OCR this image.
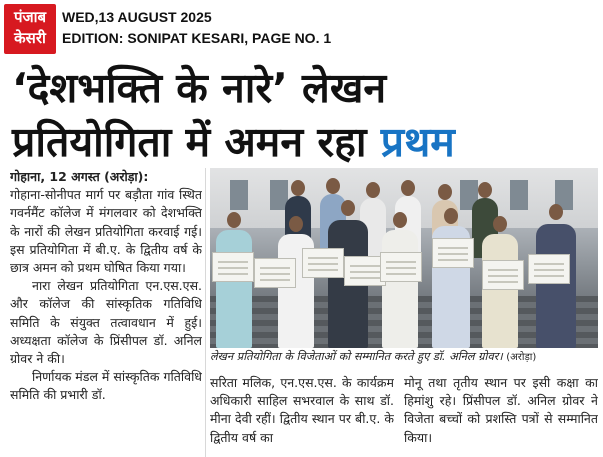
पंजाब
केसरी
WED,13 AUGUST 2025
EDITION: SONIPAT KESARI, PAGE NO. 1
‘देशभक्ति के नारे’ लेखन
प्रतियोगिता में अमन रहा प्रथम

गोहाना, 12 अगस्त (अरोड़ा):

गोहाना-सोनीपत मार्ग पर बड़ौता गांव स्थित गवर्नमैंट कॉलेज में मंगलवार को देशभक्ति के नारों की लेखन प्रतियोगिता करवाई गई। इस प्रतियोगिता में बी.ए. के द्वितीय वर्ष के छात्र अमन को प्रथम घोषित किया गया।

नारा लेखन प्रतियोगिता एन.एस.एस. और कॉलेज की सांस्कृतिक गतिविधि समिति के संयुक्त तत्वावधान में हुई। अध्यक्षता कॉलेज के प्रिंसीपल डॉ. अनिल ग्रोवर ने की।

निर्णायक मंडल में सांस्कृतिक गतिविधि समिति की प्रभारी डॉ.

लेखन प्रतियोगिता के विजेताओं को सम्मानित करते हुए डॉ. अनिल ग्रोवर। (अरोड़ा)

सरिता मलिक, एन.एस.एस. के कार्यक्रम अधिकारी साहिल सभरवाल के साथ डॉ. मीना देवी रहीं। द्वितीय स्थान पर बी.ए. के द्वितीय वर्ष का

मोनू तथा तृतीय स्थान पर इसी कक्षा का हिमांशु रहे। प्रिंसीपल डॉ. अनिल ग्रोवर ने विजेता बच्चों को प्रशस्ति पत्रों से सम्मानित किया।
